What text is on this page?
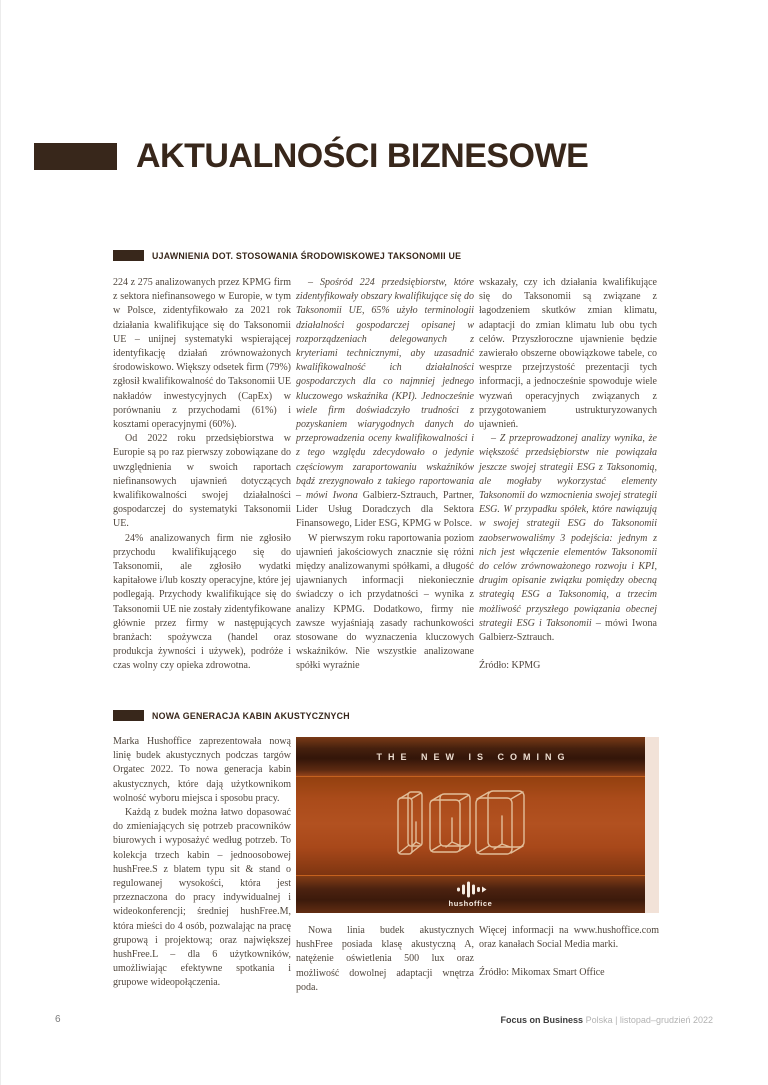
AKTUALNOŚCI BIZNESOWE
UJAWNIENIA DOT. STOSOWANIA ŚRODOWISKOWEJ TAKSONOMII UE

224 z 275 analizowanych przez KPMG firm z sektora niefinansowego w Europie, w tym w Polsce, zidentyfikowało za 2021 rok działania kwalifikujące się do Taksonomii UE – unijnej systematyki wspierającej identyfikację działań zrównoważonych środowiskowo. Większy odsetek firm (79%) zgłosił kwalifikowalność do Taksonomii UE nakładów inwestycyjnych (CapEx) w porównaniu z przychodami (61%) i kosztami operacyjnymi (60%).

Od 2022 roku przedsiębiorstwa w Europie są po raz pierwszy zobowiązane do uwzględnienia w swoich raportach niefinansowych ujawnień dotyczących kwalifikowalności swojej działalności gospodarczej do systematyki Taksonomii UE.

24% analizowanych firm nie zgłosiło przychodu kwalifikującego się do Taksonomii, ale zgłosiło wydatki kapitałowe i/lub koszty operacyjne, które jej podlegają. Przychody kwalifikujące się do Taksonomii UE nie zostały zidentyfikowane głównie przez firmy w następujących branżach: spożywcza (handel oraz produkcja żywności i używek), podróże i czas wolny czy opieka zdrowotna.

– Spośród 224 przedsiębiorstw, które zidentyfikowały obszary kwalifikujące się do Taksonomii UE, 65% użyło terminologii działalności gospodarczej opisanej w rozporządzeniach delegowanych z kryteriami technicznymi, aby uzasadnić kwalifikowalność ich działalności gospodarczych dla co najmniej jednego kluczowego wskaźnika (KPI). Jednocześnie wiele firm doświadczyło trudności z pozyskaniem wiarygodnych danych do przeprowadzenia oceny kwalifikowalności i z tego względu zdecydowało o jedynie częściowym zaraportowaniu wskaźników bądź zrezygnowało z takiego raportowania – mówi Iwona Galbierz-Sztrauch, Partner, Lider Usług Doradczych dla Sektora Finansowego, Lider ESG, KPMG w Polsce.

W pierwszym roku raportowania poziom ujawnień jakościowych znacznie się różni między analizowanymi spółkami, a długość ujawnianych informacji niekoniecznie świadczy o ich przydatności – wynika z analizy KPMG. Dodatkowo, firmy nie zawsze wyjaśniają zasady rachunkowości stosowane do wyznaczenia kluczowych wskaźników. Nie wszystkie analizowane spółki wyraźnie

wskazały, czy ich działania kwalifikujące się do Taksonomii są związane z łagodzeniem skutków zmian klimatu, adaptacji do zmian klimatu lub obu tych celów. Przyszłoroczne ujawnienie będzie zawierało obszerne obowiązkowe tabele, co wesprze przejrzystość prezentacji tych informacji, a jednocześnie spowoduje wiele wyzwań operacyjnych związanych z przygotowaniem ustrukturyzowanych ujawnień.

– Z przeprowadzonej analizy wynika, że większość przedsiębiorstw nie powiązała jeszcze swojej strategii ESG z Taksonomią, ale mogłaby wykorzystać elementy Taksonomii do wzmocnienia swojej strategii ESG. W przypadku spółek, które nawiązują w swojej strategii ESG do Taksonomii zaobserwowaliśmy 3 podejścia: jednym z nich jest włączenie elementów Taksonomii do celów zrównoważonego rozwoju i KPI, drugim opisanie związku pomiędzy obecną strategią ESG a Taksonomią, a trzecim możliwość przyszłego powiązania obecnej strategii ESG i Taksonomii – mówi Iwona Galbierz-Sztrauch.

Źródło: KPMG

NOWA GENERACJA KABIN AKUSTYCZNYCH

Marka Hushoffice zaprezentowała nową linię budek akustycznych podczas targów Orgatec 2022. To nowa generacja kabin akustycznych, które dają użytkownikom wolność wyboru miejsca i sposobu pracy.

Każdą z budek można łatwo dopasować do zmieniających się potrzeb pracowników biurowych i wyposażyć według potrzeb. To kolekcja trzech kabin – jednoosobowej hushFree.S z blatem typu sit & stand o regulowanej wysokości, która jest przeznaczona do pracy indywidualnej i wideokonferencji; średniej hushFree.M, która mieści do 4 osób, pozwalając na pracę grupową i projektową; oraz największej hushFree.L – dla 6 użytkowników, umożliwiając efektywne spotkania i grupowe wideopołączenia.

THE NEW IS COMING
hushoffice

Nowa linia budek akustycznych hushFree posiada klasę akustyczną A, natężenie oświetlenia 500 lux oraz możliwość dowolnej adaptacji wnętrza poda.

Więcej informacji na www.hushoffice.com oraz kanałach Social Media marki.

Źródło: Mikomax Smart Office

6	Focus on Business Polska | listopad–grudzień 2022
